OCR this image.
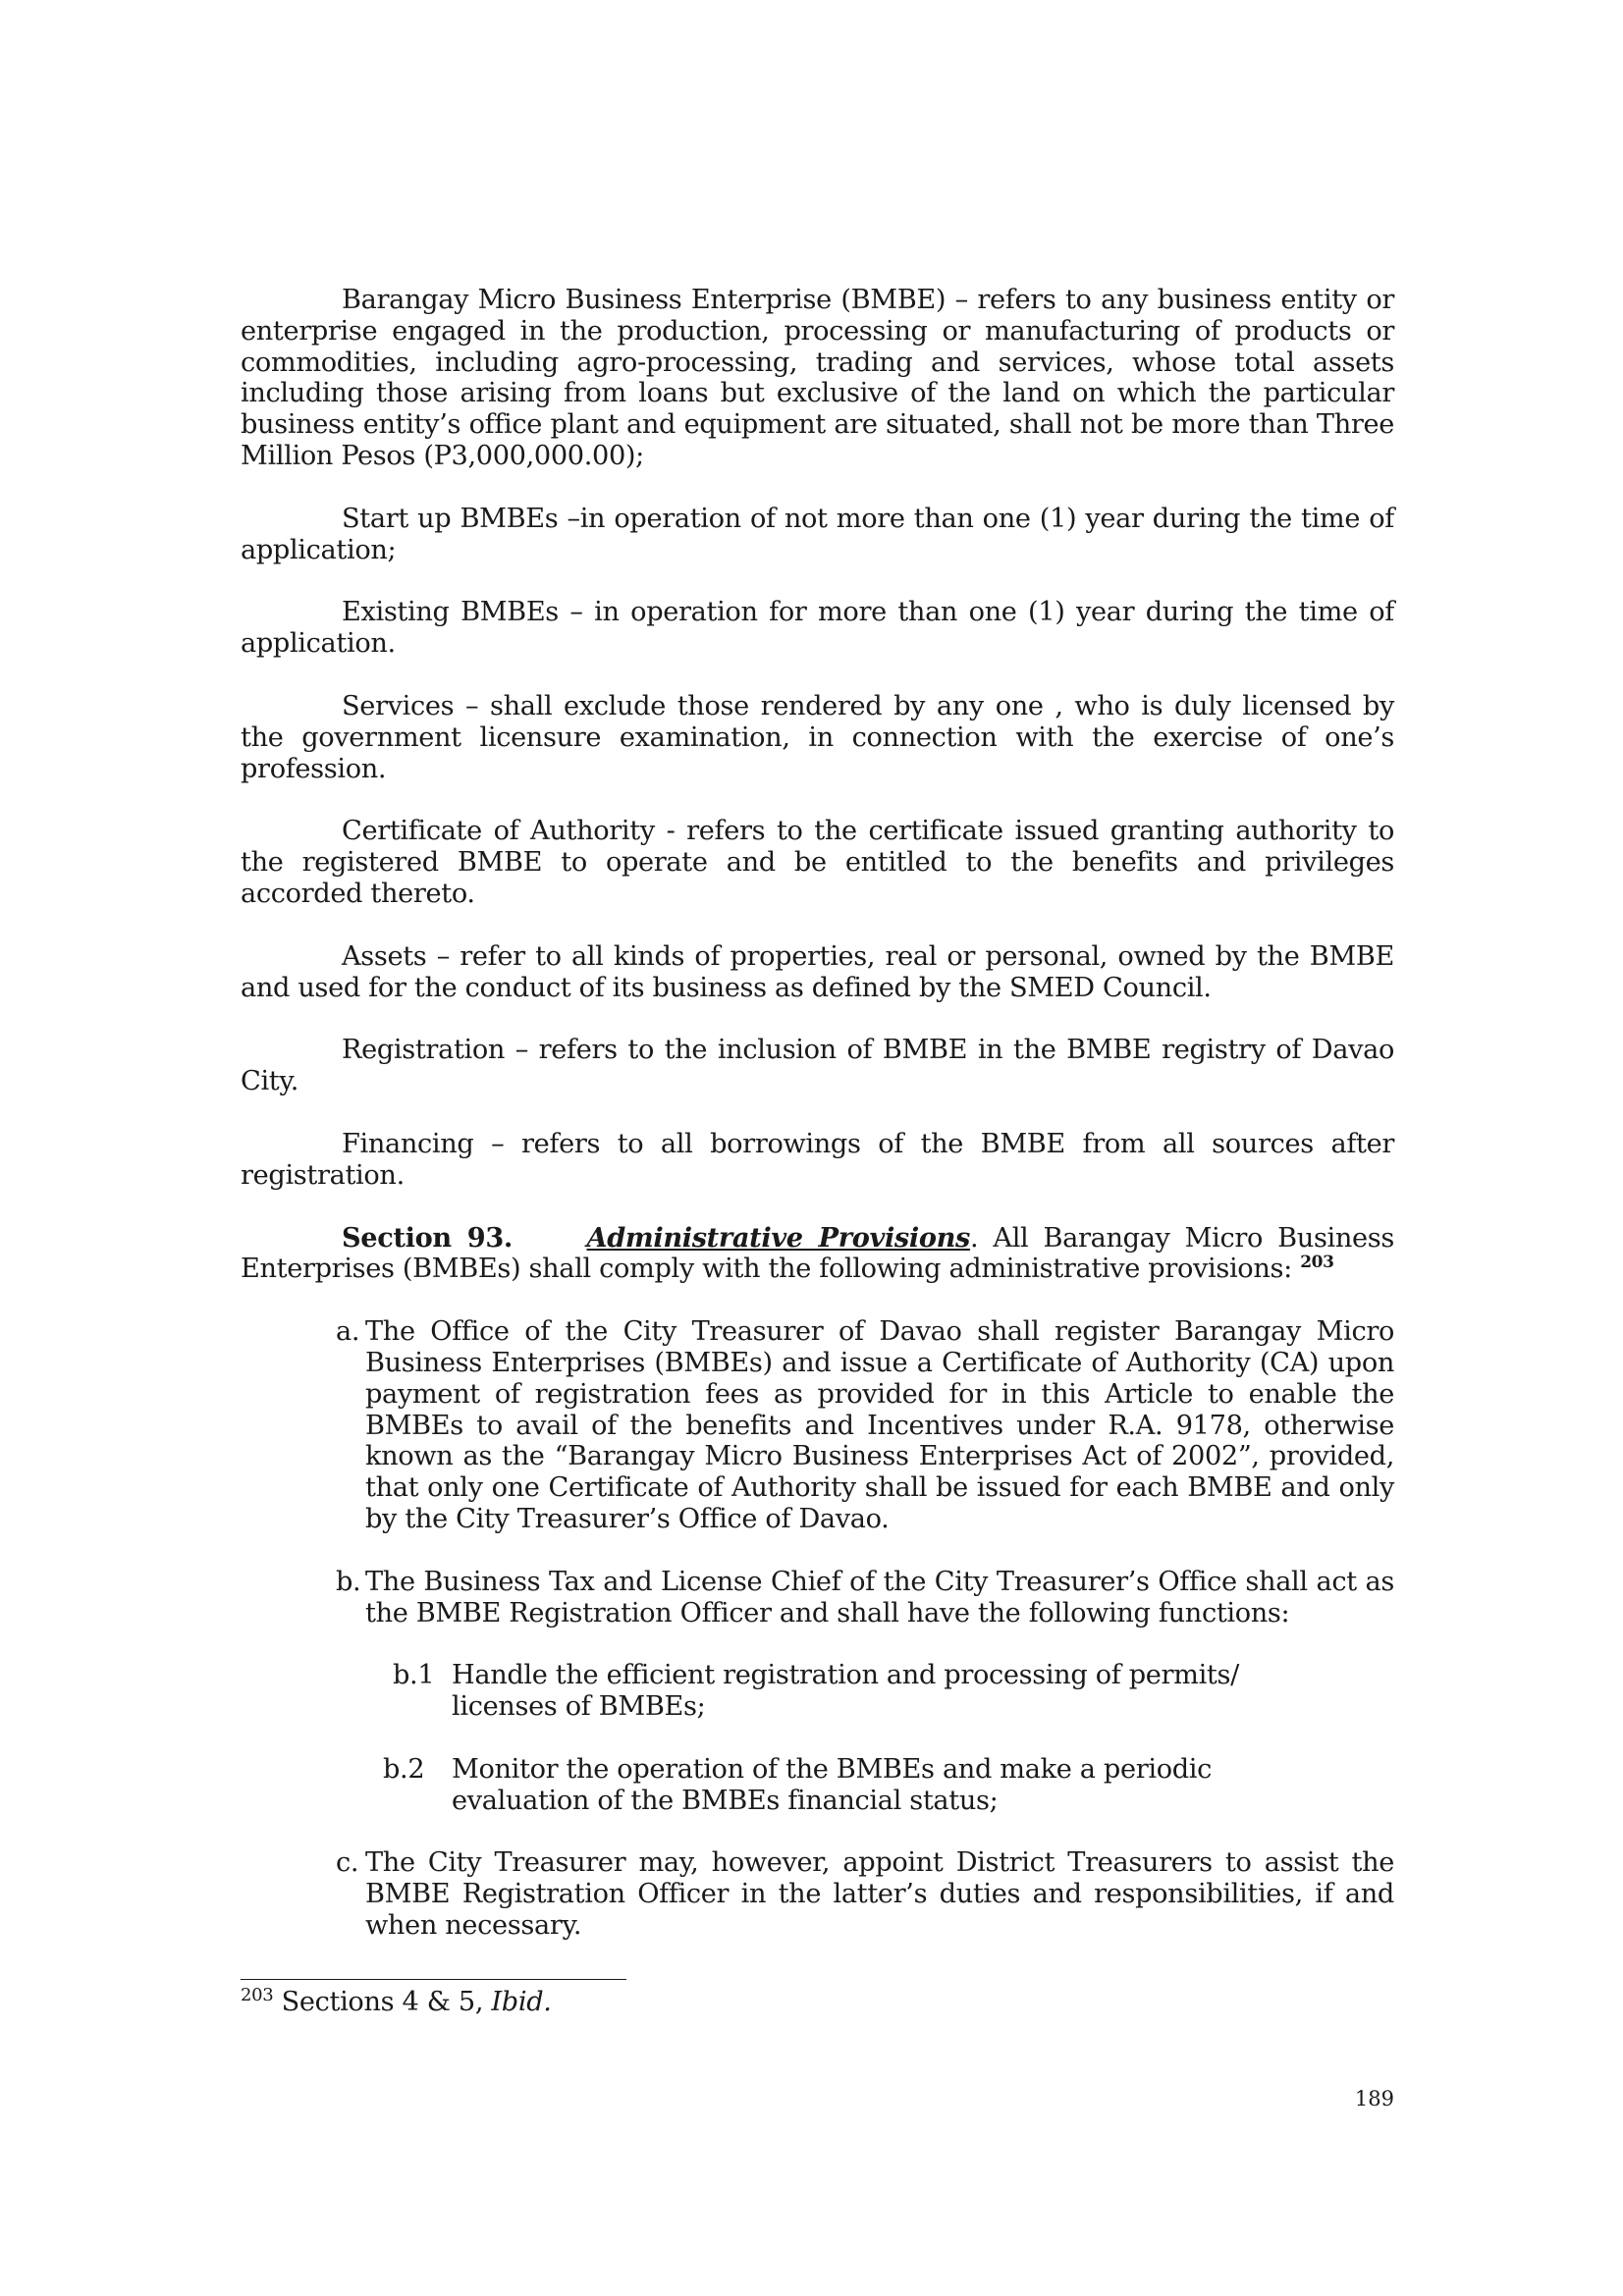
Barangay Micro Business Enterprise (BMBE) – refers to any business entity or enterprise engaged in the production, processing or manufacturing of products or commodities, including agro-processing, trading and services, whose total assets including those arising from loans but exclusive of the land on which the particular business entity’s office plant and equipment are situated, shall not be more than Three Million Pesos (P3,000,000.00);

Start up BMBEs –in operation of not more than one (1) year during the time of application;

Existing BMBEs – in operation for more than one (1) year during the time of application.

Services – shall exclude those rendered by any one , who is duly licensed by the government licensure examination, in connection with the exercise of one’s profession.

Certificate of Authority - refers to the certificate issued granting authority to the registered BMBE to operate and be entitled to the benefits and privileges accorded thereto.

Assets – refer to all kinds of properties, real or personal, owned by the BMBE and used for the conduct of its business as defined by the SMED Council.

Registration – refers to the inclusion of BMBE in the BMBE registry of Davao City.

Financing – refers to all borrowings of the BMBE from all sources after registration.

Section 93.	Administrative Provisions. All Barangay Micro Business Enterprises (BMBEs) shall comply with the following administrative provisions: $^{203}$

a. The Office of the City Treasurer of Davao shall register Barangay Micro Business Enterprises (BMBEs) and issue a Certificate of Authority (CA) upon payment of registration fees as provided for in this Article to enable the BMBEs to avail of the benefits and Incentives under R.A. 9178, otherwise known as the “Barangay Micro Business Enterprises Act of 2002”, provided, that only one Certificate of Authority shall be issued for each BMBE and only by the City Treasurer’s Office of Davao.
b. The Business Tax and License Chief of the City Treasurer’s Office shall act as the BMBE Registration Officer and shall have the following functions:
b.1 Handle the efficient registration and processing of permits/
licenses of BMBEs;
b.2 Monitor the operation of the BMBEs and make a periodic
evaluation of the BMBEs financial status;
c. The City Treasurer may, however, appoint District Treasurers to assist the BMBE Registration Officer in the latter’s duties and responsibilities, if and when necessary.
$^{203}$ Sections 4 & 5, Ibid.
189
